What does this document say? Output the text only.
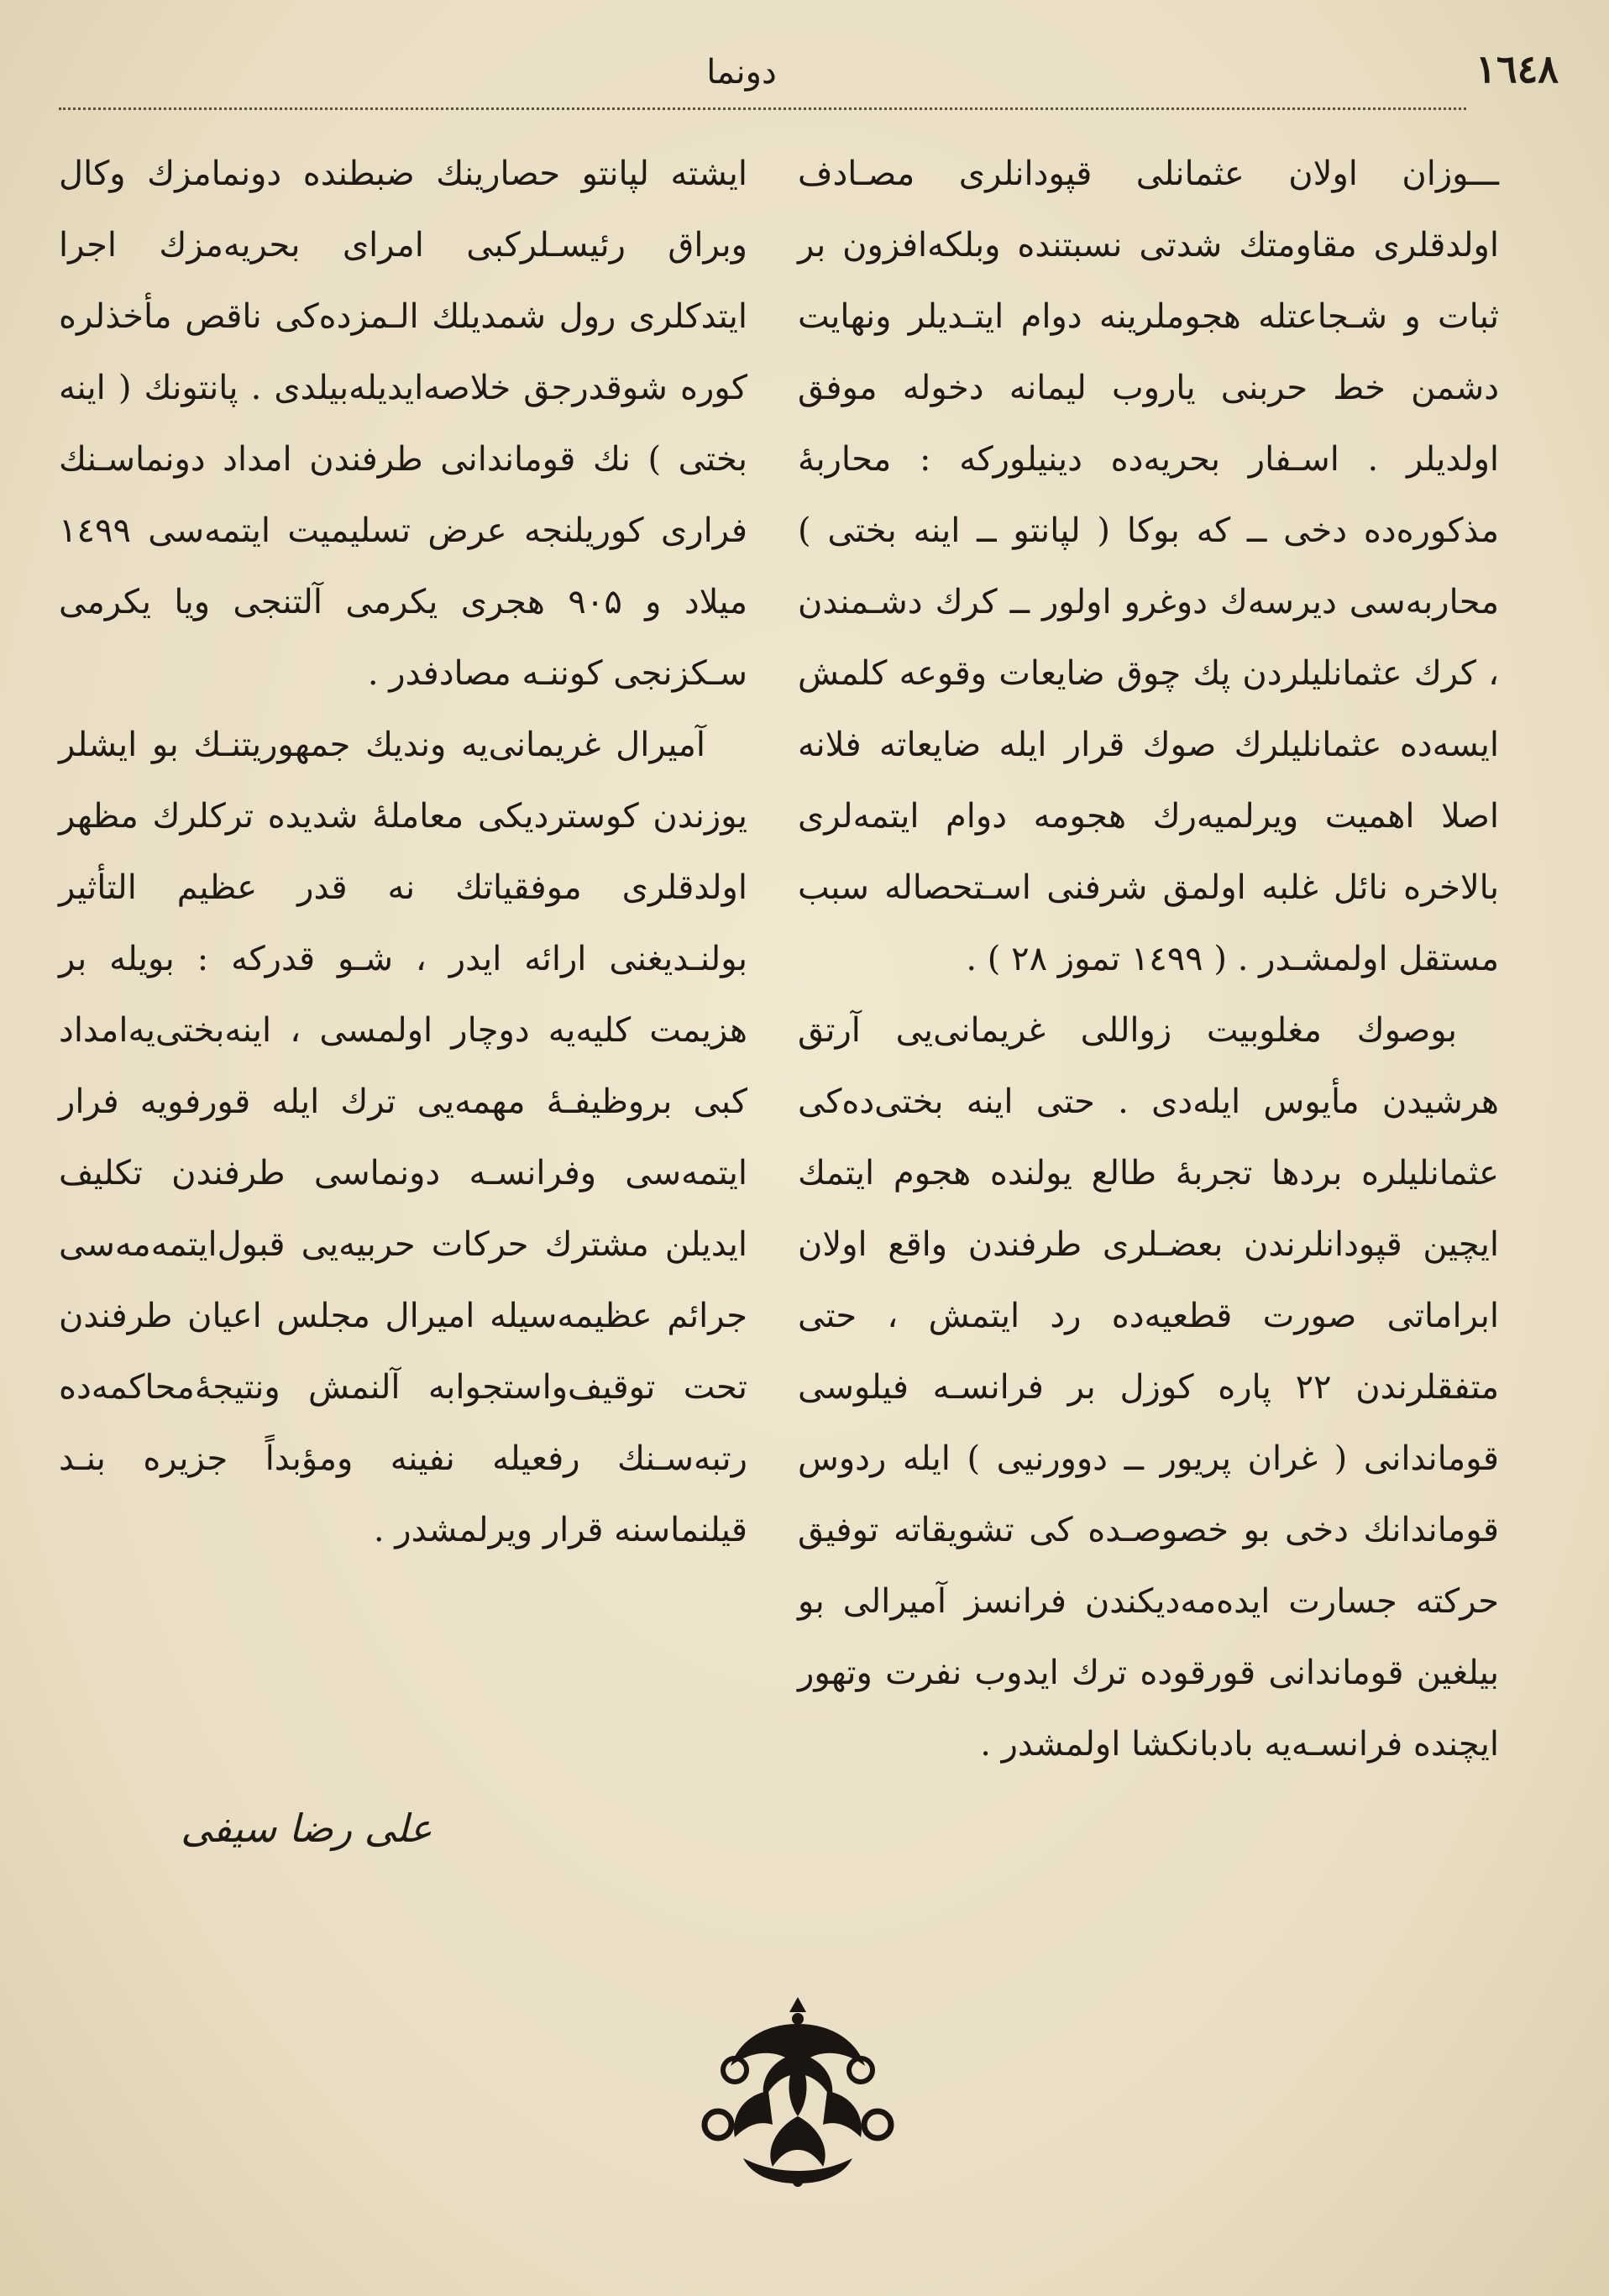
١٦٤٨
دونما

ـــوزان اولان عثمانلی قپودانلری مصـادف اولدقلری مقاومتك شدتی نسبتنده وبلکه‌افزون بر ثبات و شـجاعتله هجوملرینه دوام ایتـدیلر ونهایت دشمن خط حربنی یاروب لیمانه دخوله موفق اولدیلر . اسـفار بحریه‌ده دینیلورکه : محاربهٔ مذکوره‌ده دخی ــ که بوکا ( لپانتو ــ اینه بختی ) محاربه‌سی دیرسه‌ك دوغرو اولور ــ کرك دشـمندن ، کرك عثمانلیلردن پك چوق ضایعات وقوعه کلمش ایسه‌ده عثمانلیلرك صوك قرار ایله ضایعاته فلانه اصلا اهمیت ویرلمیه‌رك هجومه دوام ایتمه‌لری بالاخره نائل غلبه اولمق شرفنی اسـتحصاله سبب مستقل اولمشـدر . ( ۱٤۹۹ تموز ۲۸ ) .

بوصوك مغلوبیت زواللی غریمانی‌یی آرتق هرشیدن مأیوس ایله‌دی . حتی اینه بختی‌ده‌کی عثمانلیلره بردها تجربهٔ طالع یولنده هجوم ایتمك ایچین قپودانلرندن بعضـلری طرفندن واقع اولان ابراماتی صورت قطعیه‌ده رد ایتمش ، حتی متفقلرندن ۲۲ پاره کوزل بر فرانسـه فیلوسی قوماندانی ( غران پریور ــ دوورنیی ) ایله ردوس قوماندانك دخی بو خصوصـده کی تشویقاته توفیق حرکته جسارت ایده‌مه‌دیکندن فرانسز آمیرالی بو بیلغین قوماندانی قورقوده ترك ایدوب نفرت وتهور ایچنده فرانسـه‌یه بادبانکشا اولمشدر .

ایشته لپانتو حصارینك ضبطنده دونمامزك وکال وبراق رئیسـلرکبی امرای بحریه‌مزك اجرا ایتدکلری رول شمدیلك الـمزده‌کی ناقص مأخذلره کوره شوقدرجق خلاصه‌ایدیله‌بیلدی . پانتونك ( اینه بختی ) نك قوماندانی طرفندن امداد دونماسـنك فراری کوریلنجه عرض تسلیمیت ایتمه‌سی ۱٤۹۹ میلاد و ۹۰۵ هجری یکرمی آلتنجی ویا یکرمی سـکزنجی کوننـه مصادفدر .

آمیرال غریمانی‌یه وندیك جمهوریتنـك بو ایشلر یوزندن کوستردیکی معاملهٔ شدیده ترکلرك مظهر اولدقلری موفقیاتك نه قدر عظیم التأثیر بولنـدیغنی ارائه ایدر ، شـو قدرکه : بویله بر هزیمت کلیه‌یه دوچار اولمسی ، اینه‌بختی‌یه‌امداد کبی بروظیفـهٔ مهمه‌یی ترك ایله قورفویه فرار ایتمه‌سی وفرانسـه دونماسی طرفندن تکلیف ایدیلن مشترك حرکات حربیه‌یی قبول‌ایتمه‌مه‌سی جرائم عظیمه‌سیله امیرال مجلس اعیان طرفندن تحت توقیف‌واستجوابه آلنمش ونتیجهٔ‌محاکمه‌ده رتبه‌سـنك رفعیله نفینه ومؤبداً جزیره بنـد قیلنماسنه قرار ویرلمشدر .

علی رضا سیفی
